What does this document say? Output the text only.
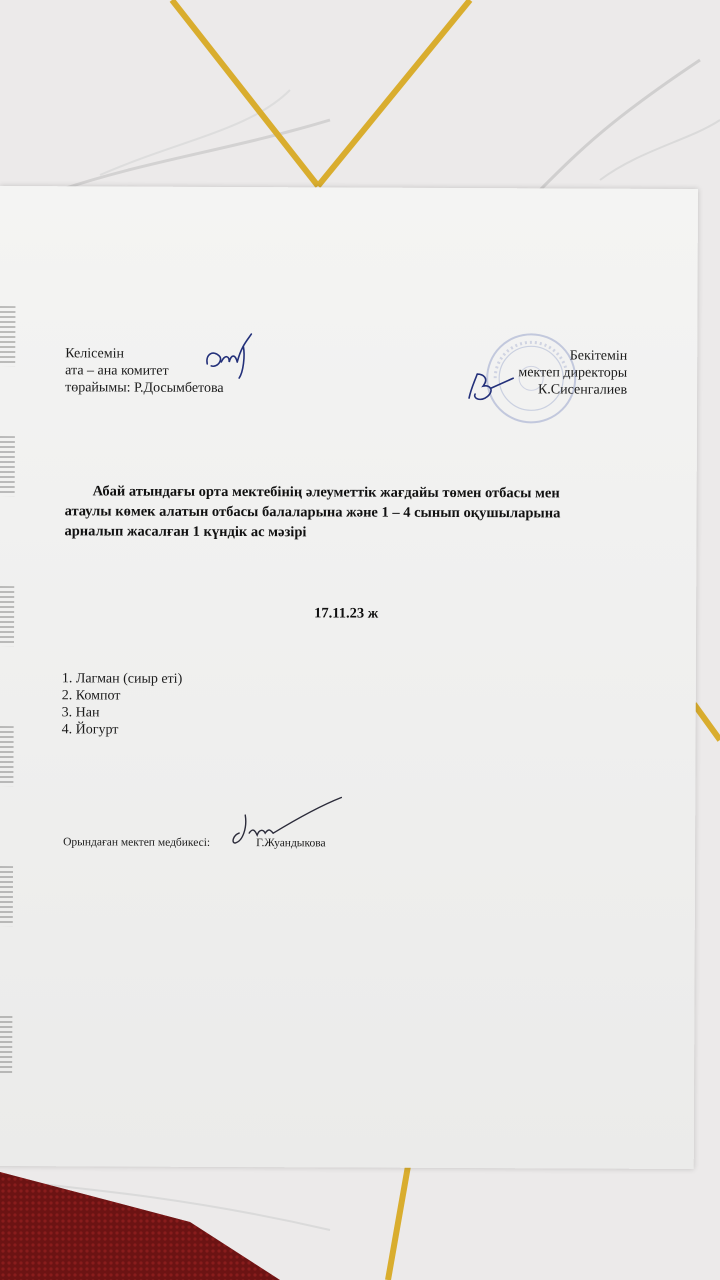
Келісемін
ата – ана комитет
төрайымы: Р.Досымбетова
Бекітемін
мектеп директоры
К.Сисенгалиев
Абай атындағы орта мектебінің әлеуметтік жағдайы төмен отбасы мен
атаулы көмек алатын отбасы балаларына және 1 – 4 сынып оқушыларына
арналып жасалған 1 күндік ас мәзірі
17.11.23 ж
1. Лагман (сиыр еті)
2. Компот
3. Нан
4. Йогурт
Орындаған мектеп медбикесі:	Г.Жуандыкова
